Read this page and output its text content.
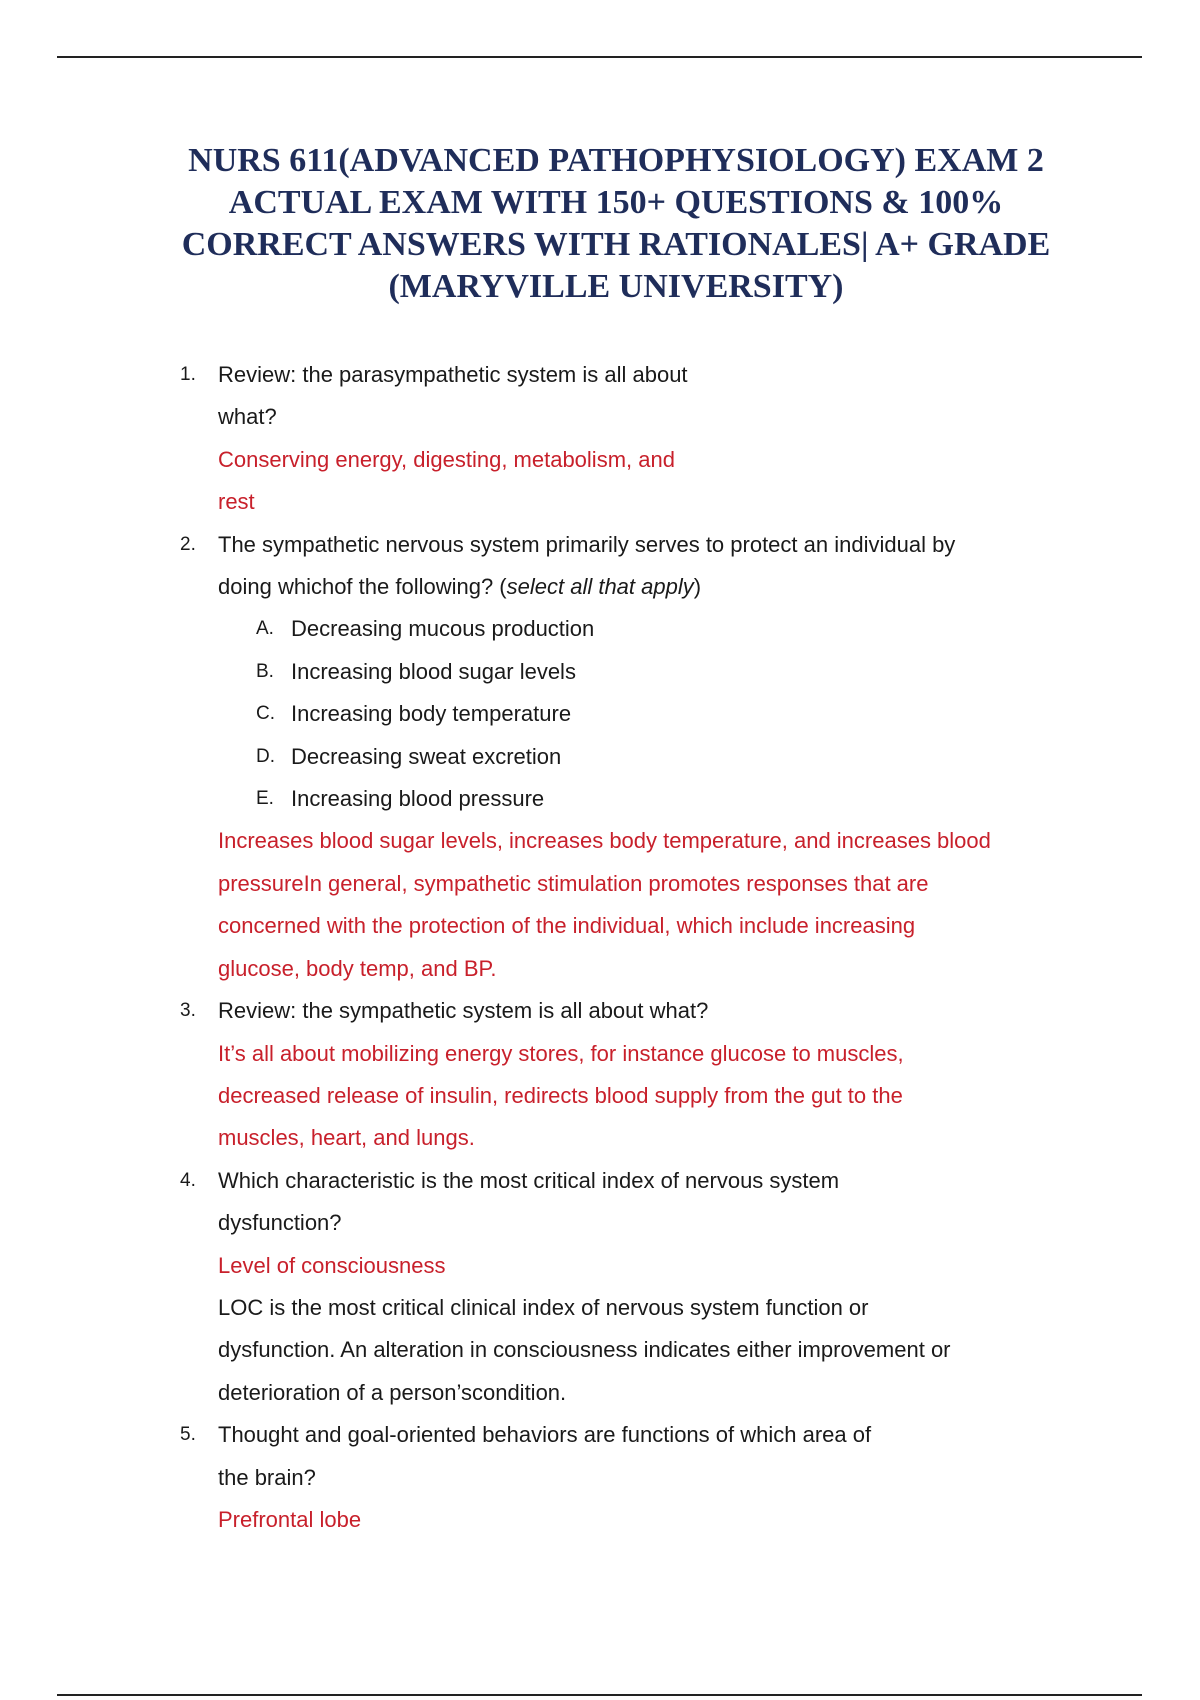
NURS 611(ADVANCED PATHOPHYSIOLOGY) EXAM 2
ACTUAL EXAM WITH 150+ QUESTIONS & 100%
CORRECT ANSWERS WITH RATIONALES| A+ GRADE
(MARYVILLE UNIVERSITY)
1.	Review: the parasympathetic system is all about
what?
Conserving energy, digesting, metabolism, and
rest
2.	The sympathetic nervous system primarily serves to protect an individual by
doing whichof the following? (select all that apply)
A. Decreasing mucous production
B. Increasing blood sugar levels
C. Increasing body temperature
D. Decreasing sweat excretion
E. Increasing blood pressure
Increases blood sugar levels, increases body temperature, and increases blood
pressureIn general, sympathetic stimulation promotes responses that are
concerned with the protection of the individual, which include increasing
glucose, body temp, and BP.
3.	Review: the sympathetic system is all about what?
It’s all about mobilizing energy stores, for instance glucose to muscles,
decreased release of insulin, redirects blood supply from the gut to the
muscles, heart, and lungs.
4.	Which characteristic is the most critical index of nervous system
dysfunction?
Level of consciousness
LOC is the most critical clinical index of nervous system function or
dysfunction. An alteration in consciousness indicates either improvement or
deterioration of a person’scondition.
5.	Thought and goal-oriented behaviors are functions of which area of
the brain?
Prefrontal lobe
